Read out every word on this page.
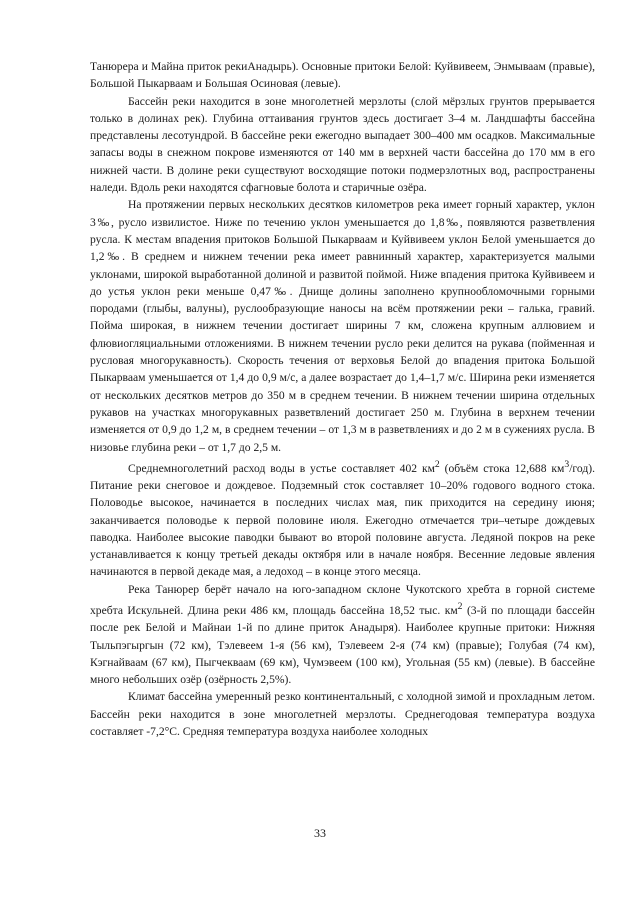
Танюрера и Майна приток рекиАнадырь). Основные притоки Белой: Куйвивеем, Энмываам (правые), Большой Пыкарваам и Большая Осиновая (левые).

Бассейн реки находится в зоне многолетней мерзлоты (слой мёрзлых грунтов прерывается только в долинах рек). Глубина оттаивания грунтов здесь достигает 3–4 м. Ландшафты бассейна представлены лесотундрой. В бассейне реки ежегодно выпадает 300–400 мм осадков. Максимальные запасы воды в снежном покрове изменяются от 140 мм в верхней части бассейна до 170 мм в его нижней части. В долине реки существуют восходящие потоки подмерзлотных вод, распространены наледи. Вдоль реки находятся сфагновые болота и старичные озёра.

На протяжении первых нескольких десятков километров река имеет горный характер, уклон 3‰, русло извилистое. Ниже по течению уклон уменьшается до 1,8‰, появляются разветвления русла. К местам впадения притоков Большой Пыкарваам и Куйвивеем уклон Белой уменьшается до 1,2‰. В среднем и нижнем течении река имеет равнинный характер, характеризуется малыми уклонами, широкой выработанной долиной и развитой поймой. Ниже впадения притока Куйвивеем и до устья уклон реки меньше 0,47‰. Днище долины заполнено крупнообломочными горными породами (глыбы, валуны), руслообразующие наносы на всём протяжении реки – галька, гравий. Пойма широкая, в нижнем течении достигает ширины 7 км, сложена крупным аллювием и флювиогляциальными отложениями. В нижнем течении русло реки делится на рукава (пойменная и русловая многорукавность). Скорость течения от верховья Белой до впадения притока Большой Пыкарваам уменьшается от 1,4 до 0,9 м/с, а далее возрастает до 1,4–1,7 м/с. Ширина реки изменяется от нескольких десятков метров до 350 м в среднем течении. В нижнем течении ширина отдельных рукавов на участках многорукавных разветвлений достигает 250 м. Глубина в верхнем течении изменяется от 0,9 до 1,2 м, в среднем течении – от 1,3 м в разветвлениях и до 2 м в сужениях русла. В низовье глубина реки – от 1,7 до 2,5 м.

Среднемноголетний расход воды в устье составляет 402 $км^2$ (объём стока 12,688 $км^3/год$). Питание реки снеговое и дождевое. Подземный сток составляет 10–20% годового водного стока. Половодье высокое, начинается в последних числах мая, пик приходится на середину июня; заканчивается половодье к первой половине июля. Ежегодно отмечается три–четыре дождевых паводка. Наиболее высокие паводки бывают во второй половине августа. Ледяной покров на реке устанавливается к концу третьей декады октября или в начале ноября. Весенние ледовые явления начинаются в первой декаде мая, а ледоход – в конце этого месяца.

Река Танюрер берёт начало на юго-западном склоне Чукотского хребта в горной системе хребта Искульней. Длина реки 486 км, площадь бассейна 18,52 тыс. $км^2$ (3-й по площади бассейн после рек Белой и Майнаи 1-й по длине приток Анадыря). Наиболее крупные притоки: Нижняя Тыльпэгыргын (72 км), Тэлевеем 1-я (56 км), Тэлевеем 2-я (74 км) (правые); Голубая (74 км), Кэгнайваам (67 км), Пыгчекваам (69 км), Чумэвеем (100 км), Угольная (55 км) (левые). В бассейне много небольших озёр (озёрность 2,5%).

Климат бассейна умеренный резко континентальный, с холодной зимой и прохладным летом. Бассейн реки находится в зоне многолетней мерзлоты. Среднегодовая температура воздуха составляет -7,2°С. Средняя температура воздуха наиболее холодных

33
